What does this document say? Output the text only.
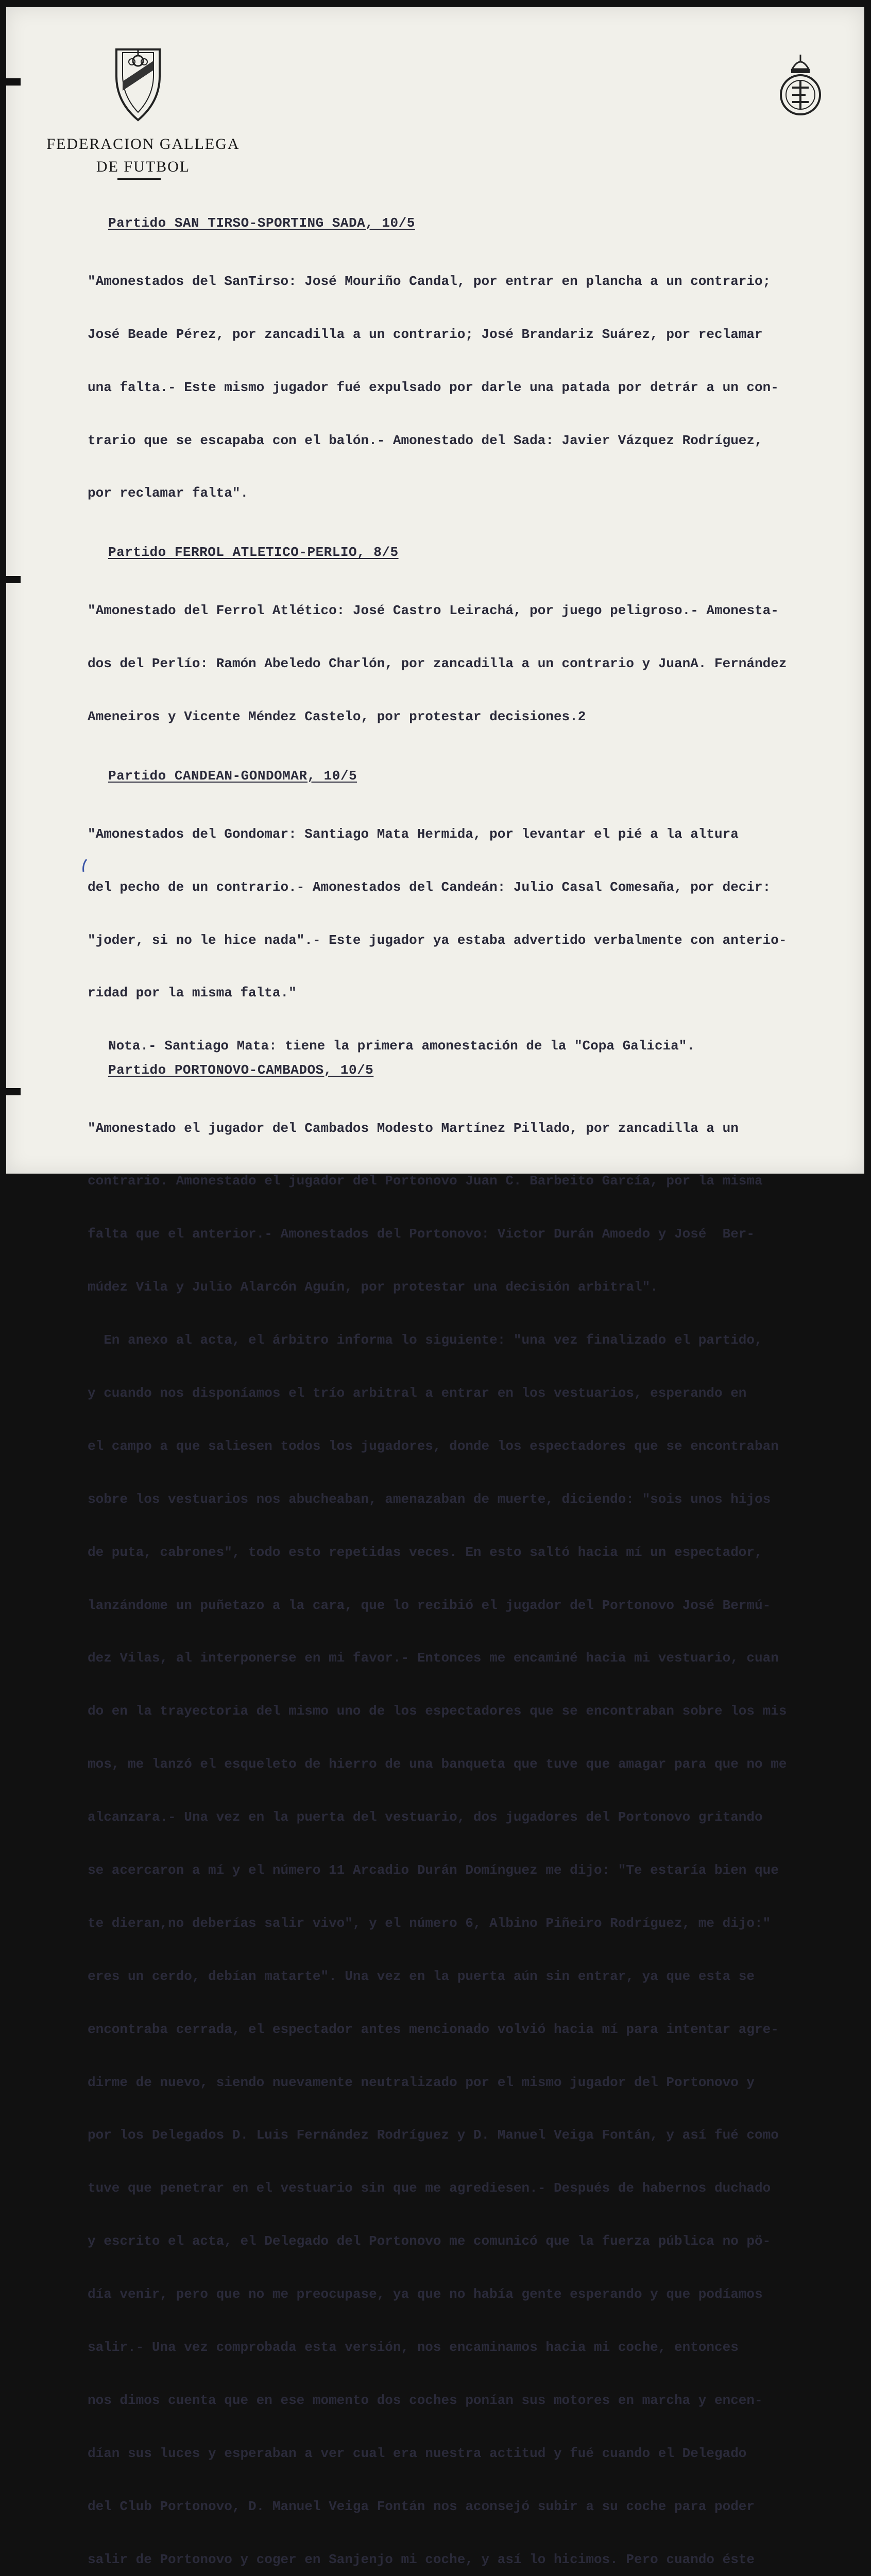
FEDERACION GALLEGA
DE FUTBOL
Partido SAN TIRSO-SPORTING SADA, 10/5

"Amonestados del SanTirso: José Mouriño Candal, por entrar en plancha a un contrario;

José Beade Pérez, por zancadilla a un contrario; José Brandariz Suárez, por reclamar

una falta.- Este mismo jugador fué expulsado por darle una patada por detrár a un con-

trario que se escapaba con el balón.- Amonestado del Sada: Javier Vázquez Rodríguez,

por reclamar falta".

Partido FERROL ATLETICO-PERLIO, 8/5

"Amonestado del Ferrol Atlético: José Castro Leirachá, por juego peligroso.- Amonesta-

dos del Perlío: Ramón Abeledo Charlón, por zancadilla a un contrario y JuanA. Fernández

Ameneiros y Vicente Méndez Castelo, por protestar decisiones.2

Partido CANDEAN-GONDOMAR, 10/5

"Amonestados del Gondomar: Santiago Mata Hermida, por levantar el pié a la altura

del pecho de un contrario.- Amonestados del Candeán: Julio Casal Comesaña, por decir:

"joder, si no le hice nada".- Este jugador ya estaba advertido verbalmente con anterio-

ridad por la misma falta."

Nota.- Santiago Mata: tiene la primera amonestación de la "Copa Galicia".
Partido PORTONOVO-CAMBADOS, 10/5

"Amonestado el jugador del Cambados Modesto Martínez Pillado, por zancadilla a un

contrario. Amonestado el jugador del Portonovo Juan C. Barbeito García, por la misma

falta que el anterior.- Amonestados del Portonovo: Victor Durán Amoedo y José  Ber-

múdez Vila y Julio Alarcón Aguín, por protestar una decisión arbitral".

En anexo al acta, el árbitro informa lo siguiente: "una vez finalizado el partido,

y cuando nos disponíamos el trío arbitral a entrar en los vestuarios, esperando en

el campo a que saliesen todos los jugadores, donde los espectadores que se encontraban

sobre los vestuarios nos abucheaban, amenazaban de muerte, diciendo: "sois unos hijos

de puta, cabrones", todo esto repetidas veces. En esto saltó hacia mí un espectador,

lanzándome un puñetazo a la cara, que lo recibió el jugador del Portonovo José Bermú-

dez Vilas, al interponerse en mi favor.- Entonces me encaminé hacia mi vestuario, cuan

do en la trayectoria del mismo uno de los espectadores que se encontraban sobre los mis

mos, me lanzó el esqueleto de hierro de una banqueta que tuve que amagar para que no me

alcanzara.- Una vez en la puerta del vestuario, dos jugadores del Portonovo gritando

se acercaron a mí y el número 11 Arcadio Durán Domínguez me dijo: "Te estaría bien que

te dieran,no deberías salir vivo", y el número 6, Albino Piñeiro Rodríguez, me dijo:"

eres un cerdo, debían matarte". Una vez en la puerta aún sin entrar, ya que esta se

encontraba cerrada, el espectador antes mencionado volvió hacia mí para intentar agre-

dirme de nuevo, siendo nuevamente neutralizado por el mismo jugador del Portonovo y

por los Delegados D. Luis Fernández Rodríguez y D. Manuel Veiga Fontán, y así fué como

tuve que penetrar en el vestuario sin que me agrediesen.- Después de habernos duchado

y escrito el acta, el Delegado del Portonovo me comunicó que la fuerza pública no pö-

día venir, pero que no me preocupase, ya que no había gente esperando y que podíamos

salir.- Una vez comprobada esta versión, nos encaminamos hacia mi coche, entonces

nos dimos cuenta que en ese momento dos coches ponían sus motores en marcha y encen-

dían sus luces y esperaban a ver cual era nuestra actitud y fué cuando el Delegado

del Club Portonovo, D. Manuel Veiga Fontán nos aconsejó subir a su coche para poder

salir de Portonovo y coger en Sanjenjo mi coche, y así lo hicimos. Pero cuando éste
